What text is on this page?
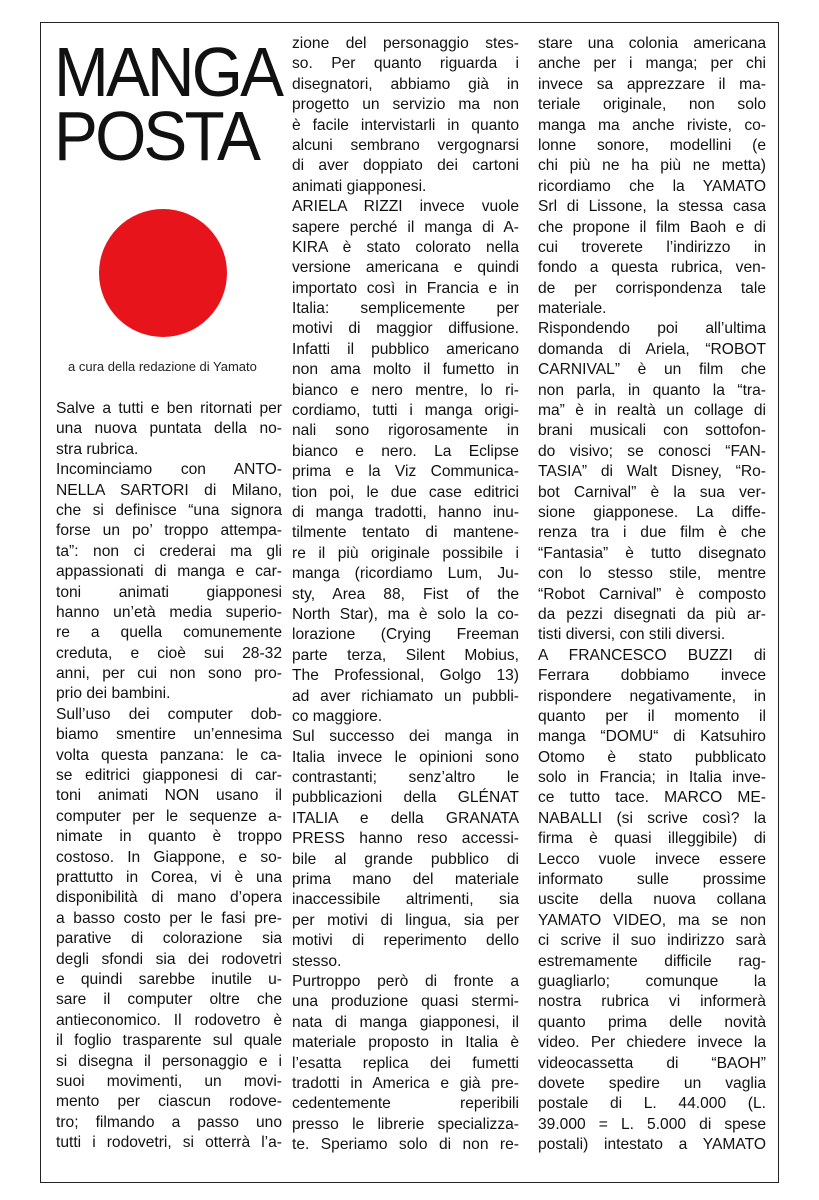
MANGA
POSTA
a cura della redazione di Yamato
Salve a tutti e ben ritornati per
una nuova puntata della no-
stra rubrica.
Incominciamo con ANTO-
NELLA SARTORI di Milano,
che si definisce “una signora
forse un po’ troppo attempa-
ta”: non ci crederai ma gli
appassionati di manga e car-
toni animati giapponesi
hanno un’età media superio-
re a quella comunemente
creduta, e cioè sui 28-32
anni, per cui non sono pro-
prio dei bambini.
Sull’uso dei computer dob-
biamo smentire un’ennesima
volta questa panzana: le ca-
se editrici giapponesi di car-
toni animati NON usano il
computer per le sequenze a-
nimate in quanto è troppo
costoso. In Giappone, e so-
prattutto in Corea, vi è una
disponibilità di mano d’opera
a basso costo per le fasi pre-
parative di colorazione sia
degli sfondi sia dei rodovetri
e quindi sarebbe inutile u-
sare il computer oltre che
antieconomico. Il rodovetro è
il foglio trasparente sul quale
si disegna il personaggio e i
suoi movimenti, un movi-
mento per ciascun rodove-
tro; filmando a passo uno
tutti i rodovetri, si otterrà l’a-
zione del personaggio stes-
so. Per quanto riguarda i
disegnatori, abbiamo già in
progetto un servizio ma non
è facile intervistarli in quanto
alcuni sembrano vergognarsi
di aver doppiato dei cartoni
animati giapponesi.
ARIELA RIZZI invece vuole
sapere perché il manga di A-
KIRA è stato colorato nella
versione americana e quindi
importato così in Francia e in
Italia: semplicemente per
motivi di maggior diffusione.
Infatti il pubblico americano
non ama molto il fumetto in
bianco e nero mentre, lo ri-
cordiamo, tutti i manga origi-
nali sono rigorosamente in
bianco e nero. La Eclipse
prima e la Viz Communica-
tion poi, le due case editrici
di manga tradotti, hanno inu-
tilmente tentato di mantene-
re il più originale possibile i
manga (ricordiamo Lum, Ju-
sty, Area 88, Fist of the
North Star), ma è solo la co-
lorazione (Crying Freeman
parte terza, Silent Mobius,
The Professional, Golgo 13)
ad aver richiamato un pubbli-
co maggiore.
Sul successo dei manga in
Italia invece le opinioni sono
contrastanti; senz’altro le
pubblicazioni della GLÉNAT
ITALIA e della GRANATA
PRESS hanno reso accessi-
bile al grande pubblico di
prima mano del materiale
inaccessibile altrimenti, sia
per motivi di lingua, sia per
motivi di reperimento dello
stesso.
Purtroppo però di fronte a
una produzione quasi stermi-
nata di manga giapponesi, il
materiale proposto in Italia è
l’esatta replica dei fumetti
tradotti in America e già pre-
cedentemente reperibili
presso le librerie specializza-
te. Speriamo solo di non re-
stare una colonia americana
anche per i manga; per chi
invece sa apprezzare il ma-
teriale originale, non solo
manga ma anche riviste, co-
lonne sonore, modellini (e
chi più ne ha più ne metta)
ricordiamo che la YAMATO
Srl di Lissone, la stessa casa
che propone il film Baoh e di
cui troverete l’indirizzo in
fondo a questa rubrica, ven-
de per corrispondenza tale
materiale.
Rispondendo poi all’ultima
domanda di Ariela, “ROBOT
CARNIVAL” è un film che
non parla, in quanto la “tra-
ma” è in realtà un collage di
brani musicali con sottofon-
do visivo; se conosci “FAN-
TASIA” di Walt Disney, “Ro-
bot Carnival” è la sua ver-
sione giapponese. La diffe-
renza tra i due film è che
“Fantasia” è tutto disegnato
con lo stesso stile, mentre
“Robot Carnival” è composto
da pezzi disegnati da più ar-
tisti diversi, con stili diversi.
A FRANCESCO BUZZI di
Ferrara dobbiamo invece
rispondere negativamente, in
quanto per il momento il
manga “DOMU“ di Katsuhiro
Otomo è stato pubblicato
solo in Francia; in Italia inve-
ce tutto tace. MARCO ME-
NABALLI (si scrive così? la
firma è quasi illeggibile) di
Lecco vuole invece essere
informato sulle prossime
uscite della nuova collana
YAMATO VIDEO, ma se non
ci scrive il suo indirizzo sarà
estremamente difficile rag-
guagliarlo; comunque la
nostra rubrica vi informerà
quanto prima delle novità
video. Per chiedere invece la
videocassetta di “BAOH”
dovete spedire un vaglia
postale di L. 44.000 (L.
39.000 = L. 5.000 di spese
postali) intestato a YAMATO
